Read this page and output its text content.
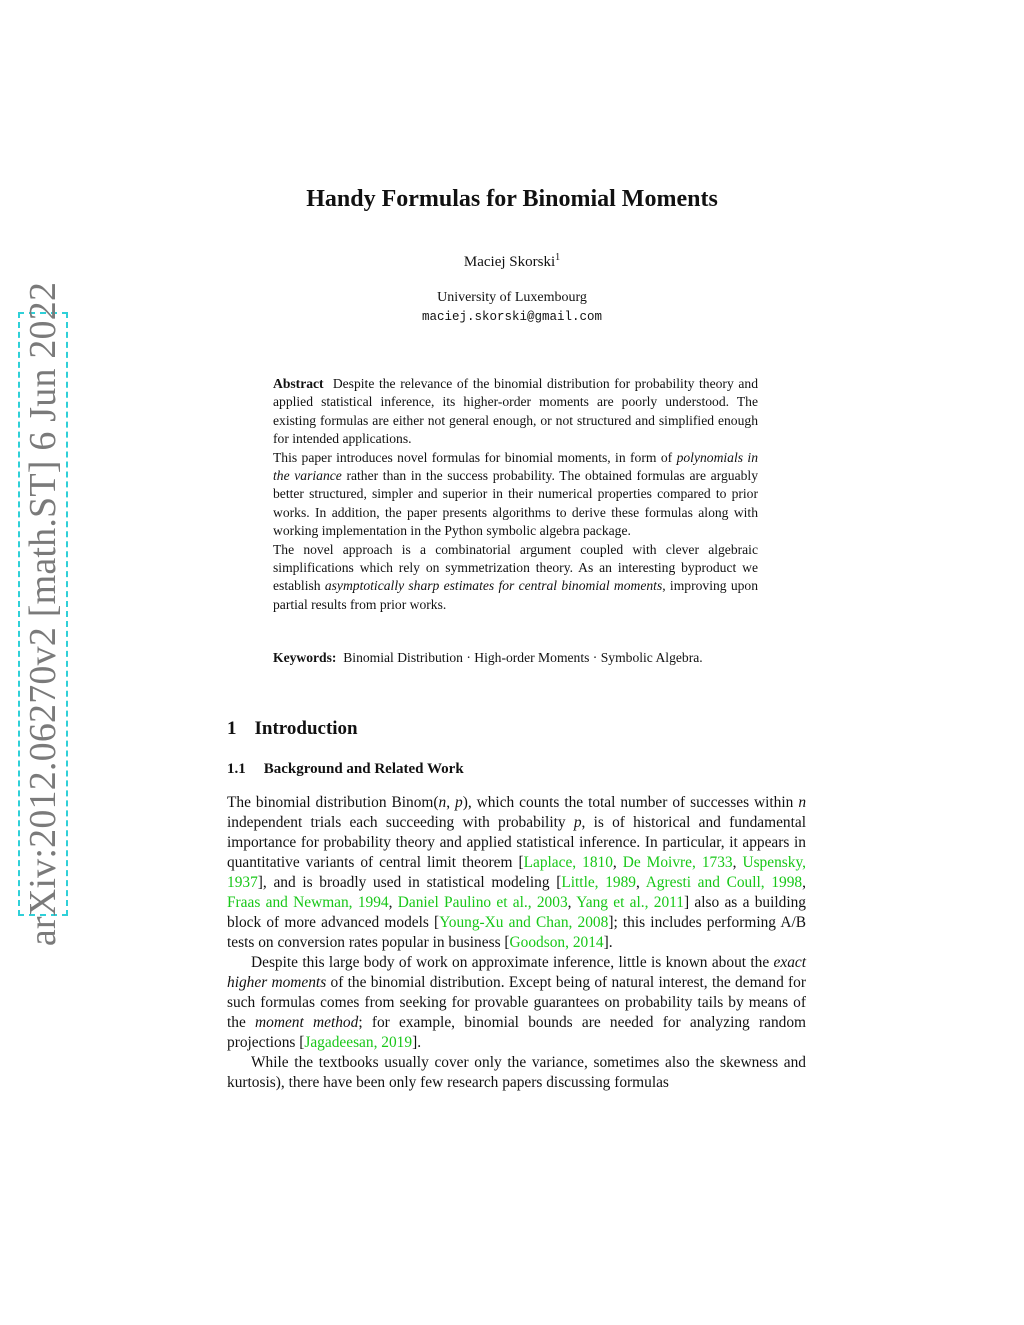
arXiv:2012.06270v2 [math.ST] 6 Jun 2022
Handy Formulas for Binomial Moments
Maciej Skorski$^1$
University of Luxembourg
maciej.skorski@gmail.com

Abstract Despite the relevance of the binomial distribution for probability theory and applied statistical inference, its higher-order moments are poorly understood. The existing formulas are either not general enough, or not structured and simplified enough for intended applications.

This paper introduces novel formulas for binomial moments, in form of polynomials in the variance rather than in the success probability. The obtained formulas are arguably better structured, simpler and superior in their numerical properties compared to prior works. In addition, the paper presents algorithms to derive these formulas along with working implementation in the Python symbolic algebra package.

The novel approach is a combinatorial argument coupled with clever algebraic simplifications which rely on symmetrization theory. As an interesting byproduct we establish asymptotically sharp estimates for central binomial moments, improving upon partial results from prior works.

Keywords: Binomial Distribution · High-order Moments · Symbolic Algebra.
1 Introduction
1.1 Background and Related Work

The binomial distribution Binom(n, p), which counts the total number of successes within n independent trials each succeeding with probability p, is of historical and fundamental importance for probability theory and applied statistical inference. In particular, it appears in quantitative variants of central limit theorem [Laplace, 1810, De Moivre, 1733, Uspensky, 1937], and is broadly used in statistical modeling [Little, 1989, Agresti and Coull, 1998, Fraas and Newman, 1994, Daniel Paulino et al., 2003, Yang et al., 2011] also as a building block of more advanced models [Young-Xu and Chan, 2008]; this includes performing A/B tests on conversion rates popular in business [Goodson, 2014].

Despite this large body of work on approximate inference, little is known about the exact higher moments of the binomial distribution. Except being of natural interest, the demand for such formulas comes from seeking for provable guarantees on probability tails by means of the moment method; for example, binomial bounds are needed for analyzing random projections [Jagadeesan, 2019].

While the textbooks usually cover only the variance, sometimes also the skewness and kurtosis), there have been only few research papers discussing formulas
